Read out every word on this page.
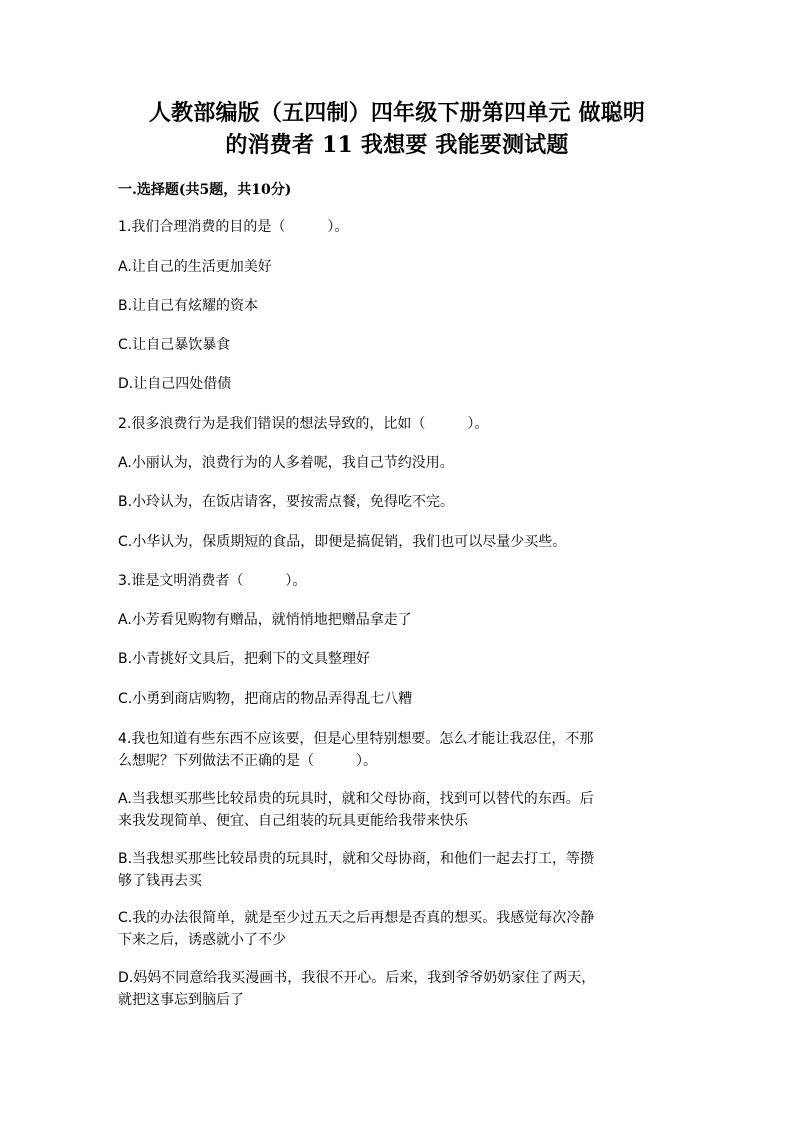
人教部编版（五四制）四年级下册第四单元 做聪明
的消费者 11 我想要 我能要测试题
一.选择题(共5题，共10分)
1.我们合理消费的目的是（　　　）。
A.让自己的生活更加美好
B.让自己有炫耀的资本
C.让自己暴饮暴食
D.让自己四处借债
2.很多浪费行为是我们错误的想法导致的，比如（　　　）。
A.小丽认为，浪费行为的人多着呢，我自己节约没用。
B.小玲认为，在饭店请客，要按需点餐，免得吃不完。
C.小华认为，保质期短的食品，即便是搞促销，我们也可以尽量少买些。
3.谁是文明消费者（　　　）。
A.小芳看见购物有赠品，就悄悄地把赠品拿走了
B.小青挑好文具后，把剩下的文具整理好
C.小勇到商店购物，把商店的物品弄得乱七八糟
4.我也知道有些东西不应该要，但是心里特别想要。怎么才能让我忍住，不那
么想呢？下列做法不正确的是（　　　）。
A.当我想买那些比较昂贵的玩具时，就和父母协商，找到可以替代的东西。后
来我发现简单、便宜、自己组装的玩具更能给我带来快乐
B.当我想买那些比较昂贵的玩具时，就和父母协商，和他们一起去打工，等攒
够了钱再去买
C.我的办法很简单，就是至少过五天之后再想是否真的想买。我感觉每次冷静
下来之后，诱惑就小了不少
D.妈妈不同意给我买漫画书，我很不开心。后来，我到爷爷奶奶家住了两天，
就把这事忘到脑后了
